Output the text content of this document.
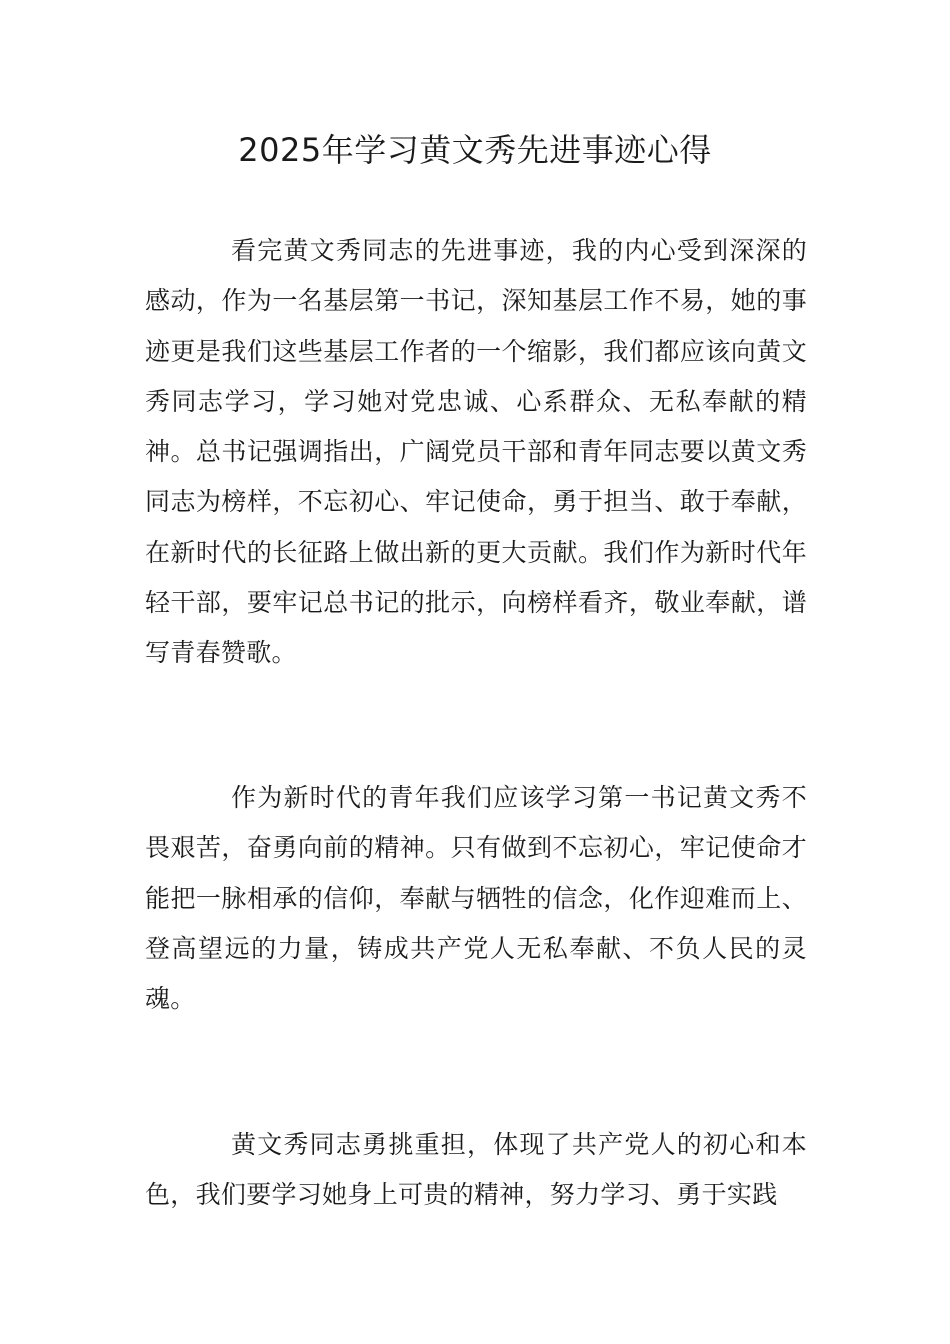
2025年学习黄文秀先进事迹心得

看完黄文秀同志的先进事迹，我的内心受到深深的感动，作为一名基层第一书记，深知基层工作不易，她的事迹更是我们这些基层工作者的一个缩影，我们都应该向黄文秀同志学习，学习她对党忠诚、心系群众、无私奉献的精神。总书记强调指出，广阔党员干部和青年同志要以黄文秀同志为榜样，不忘初心、牢记使命，勇于担当、敢于奉献，在新时代的长征路上做出新的更大贡献。我们作为新时代年轻干部，要牢记总书记的批示，向榜样看齐，敬业奉献，谱写青春赞歌。

作为新时代的青年我们应该学习第一书记黄文秀不畏艰苦，奋勇向前的精神。只有做到不忘初心，牢记使命才能把一脉相承的信仰，奉献与牺牲的信念，化作迎难而上、登高望远的力量，铸成共产党人无私奉献、不负人民的灵魂。

黄文秀同志勇挑重担，体现了共产党人的初心和本色，我们要学习她身上可贵的精神，努力学习、勇于实践
